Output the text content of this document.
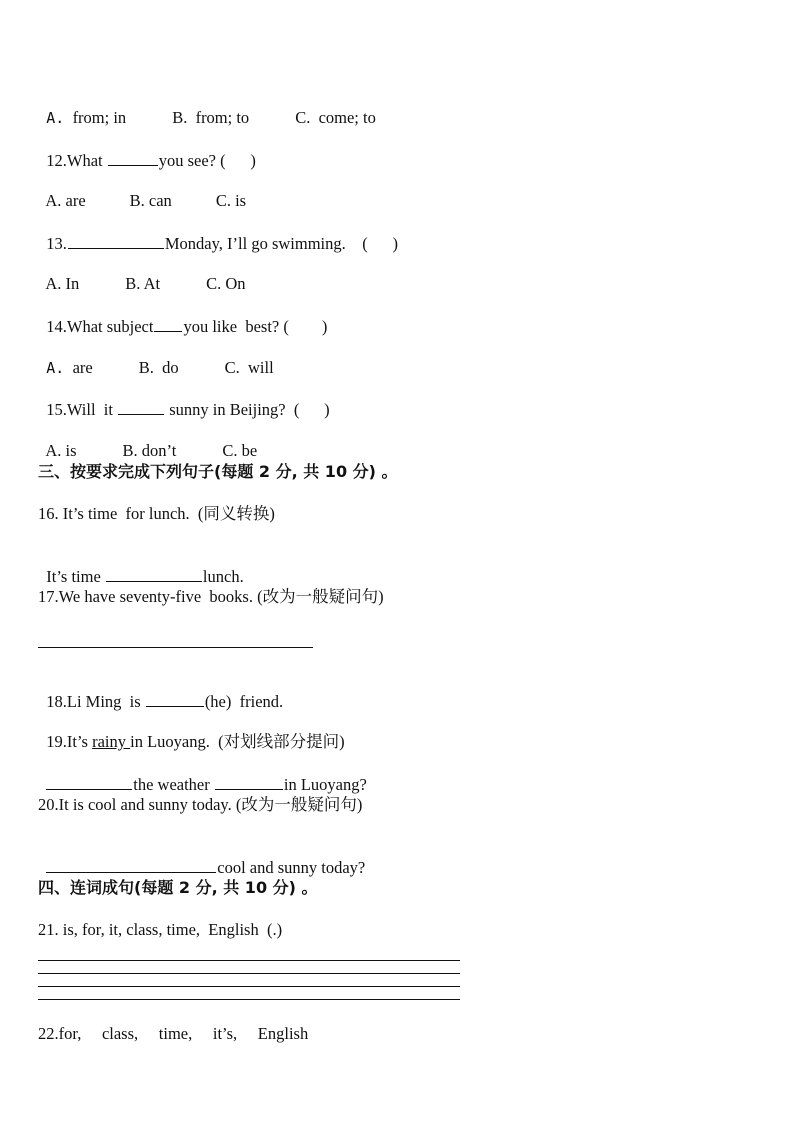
A. from; in	B.  from; to	C.  come; to

12.What	you see? (      )

A. are	B. can	C. is

13.	Monday, I’ll go swimming.    (      )

A. In	B. At	C. On

14.What subject you like  best? (        )

A. are	B.  do	C.  will

15.Will  it	sunny in Beijing?  (      )

A. is	B. don’t	C. be

三、按要求完成下列句子(每题 2 分, 共 10 分) 。
16. It’s time  for lunch.  (同义转换)

It’s time	lunch.

17.We have seventy-five  books. (改为一般疑问句)

18.Li Ming  is	(he)  friend.

19.It’s rainy in Luoyang.  (对划线部分提问)

the weather	in Luoyang?

20.It is cool and sunny today. (改为一般疑问句)

cool and sunny today?

四、连词成句(每题 2 分, 共 10 分) 。
21. is, for, it, class, time,  English  (.)
22.for,     class,     time,     it’s,     English
